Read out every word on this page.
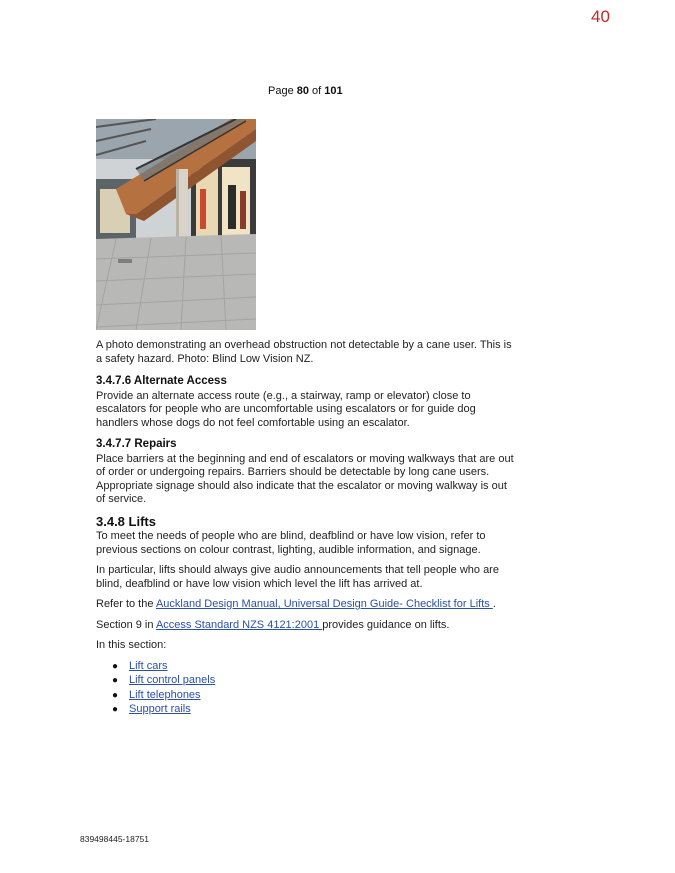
40
Page 80 of 101

A photo demonstrating an overhead obstruction not detectable by a cane user. This is a safety hazard. Photo: Blind Low Vision NZ.

3.4.7.6 Alternate Access
Provide an alternate access route (e.g., a stairway, ramp or elevator) close to escalators for people who are uncomfortable using escalators or for guide dog handlers whose dogs do not feel comfortable using an escalator.
3.4.7.7 Repairs
Place barriers at the beginning and end of escalators or moving walkways that are out of order or undergoing repairs. Barriers should be detectable by long cane users. Appropriate signage should also indicate that the escalator or moving walkway is out of service.
3.4.8 Lifts

To meet the needs of people who are blind, deafblind or have low vision, refer to previous sections on colour contrast, lighting, audible information, and signage.

In particular, lifts should always give audio announcements that tell people who are blind, deafblind or have low vision which level the lift has arrived at.

Refer to the Auckland Design Manual, Universal Design Guide- Checklist for Lifts .

Section 9 in Access Standard NZS 4121:2001 provides guidance on lifts.

In this section:

● Lift cars
● Lift control panels
● Lift telephones
● Support rails
839498445-18751
